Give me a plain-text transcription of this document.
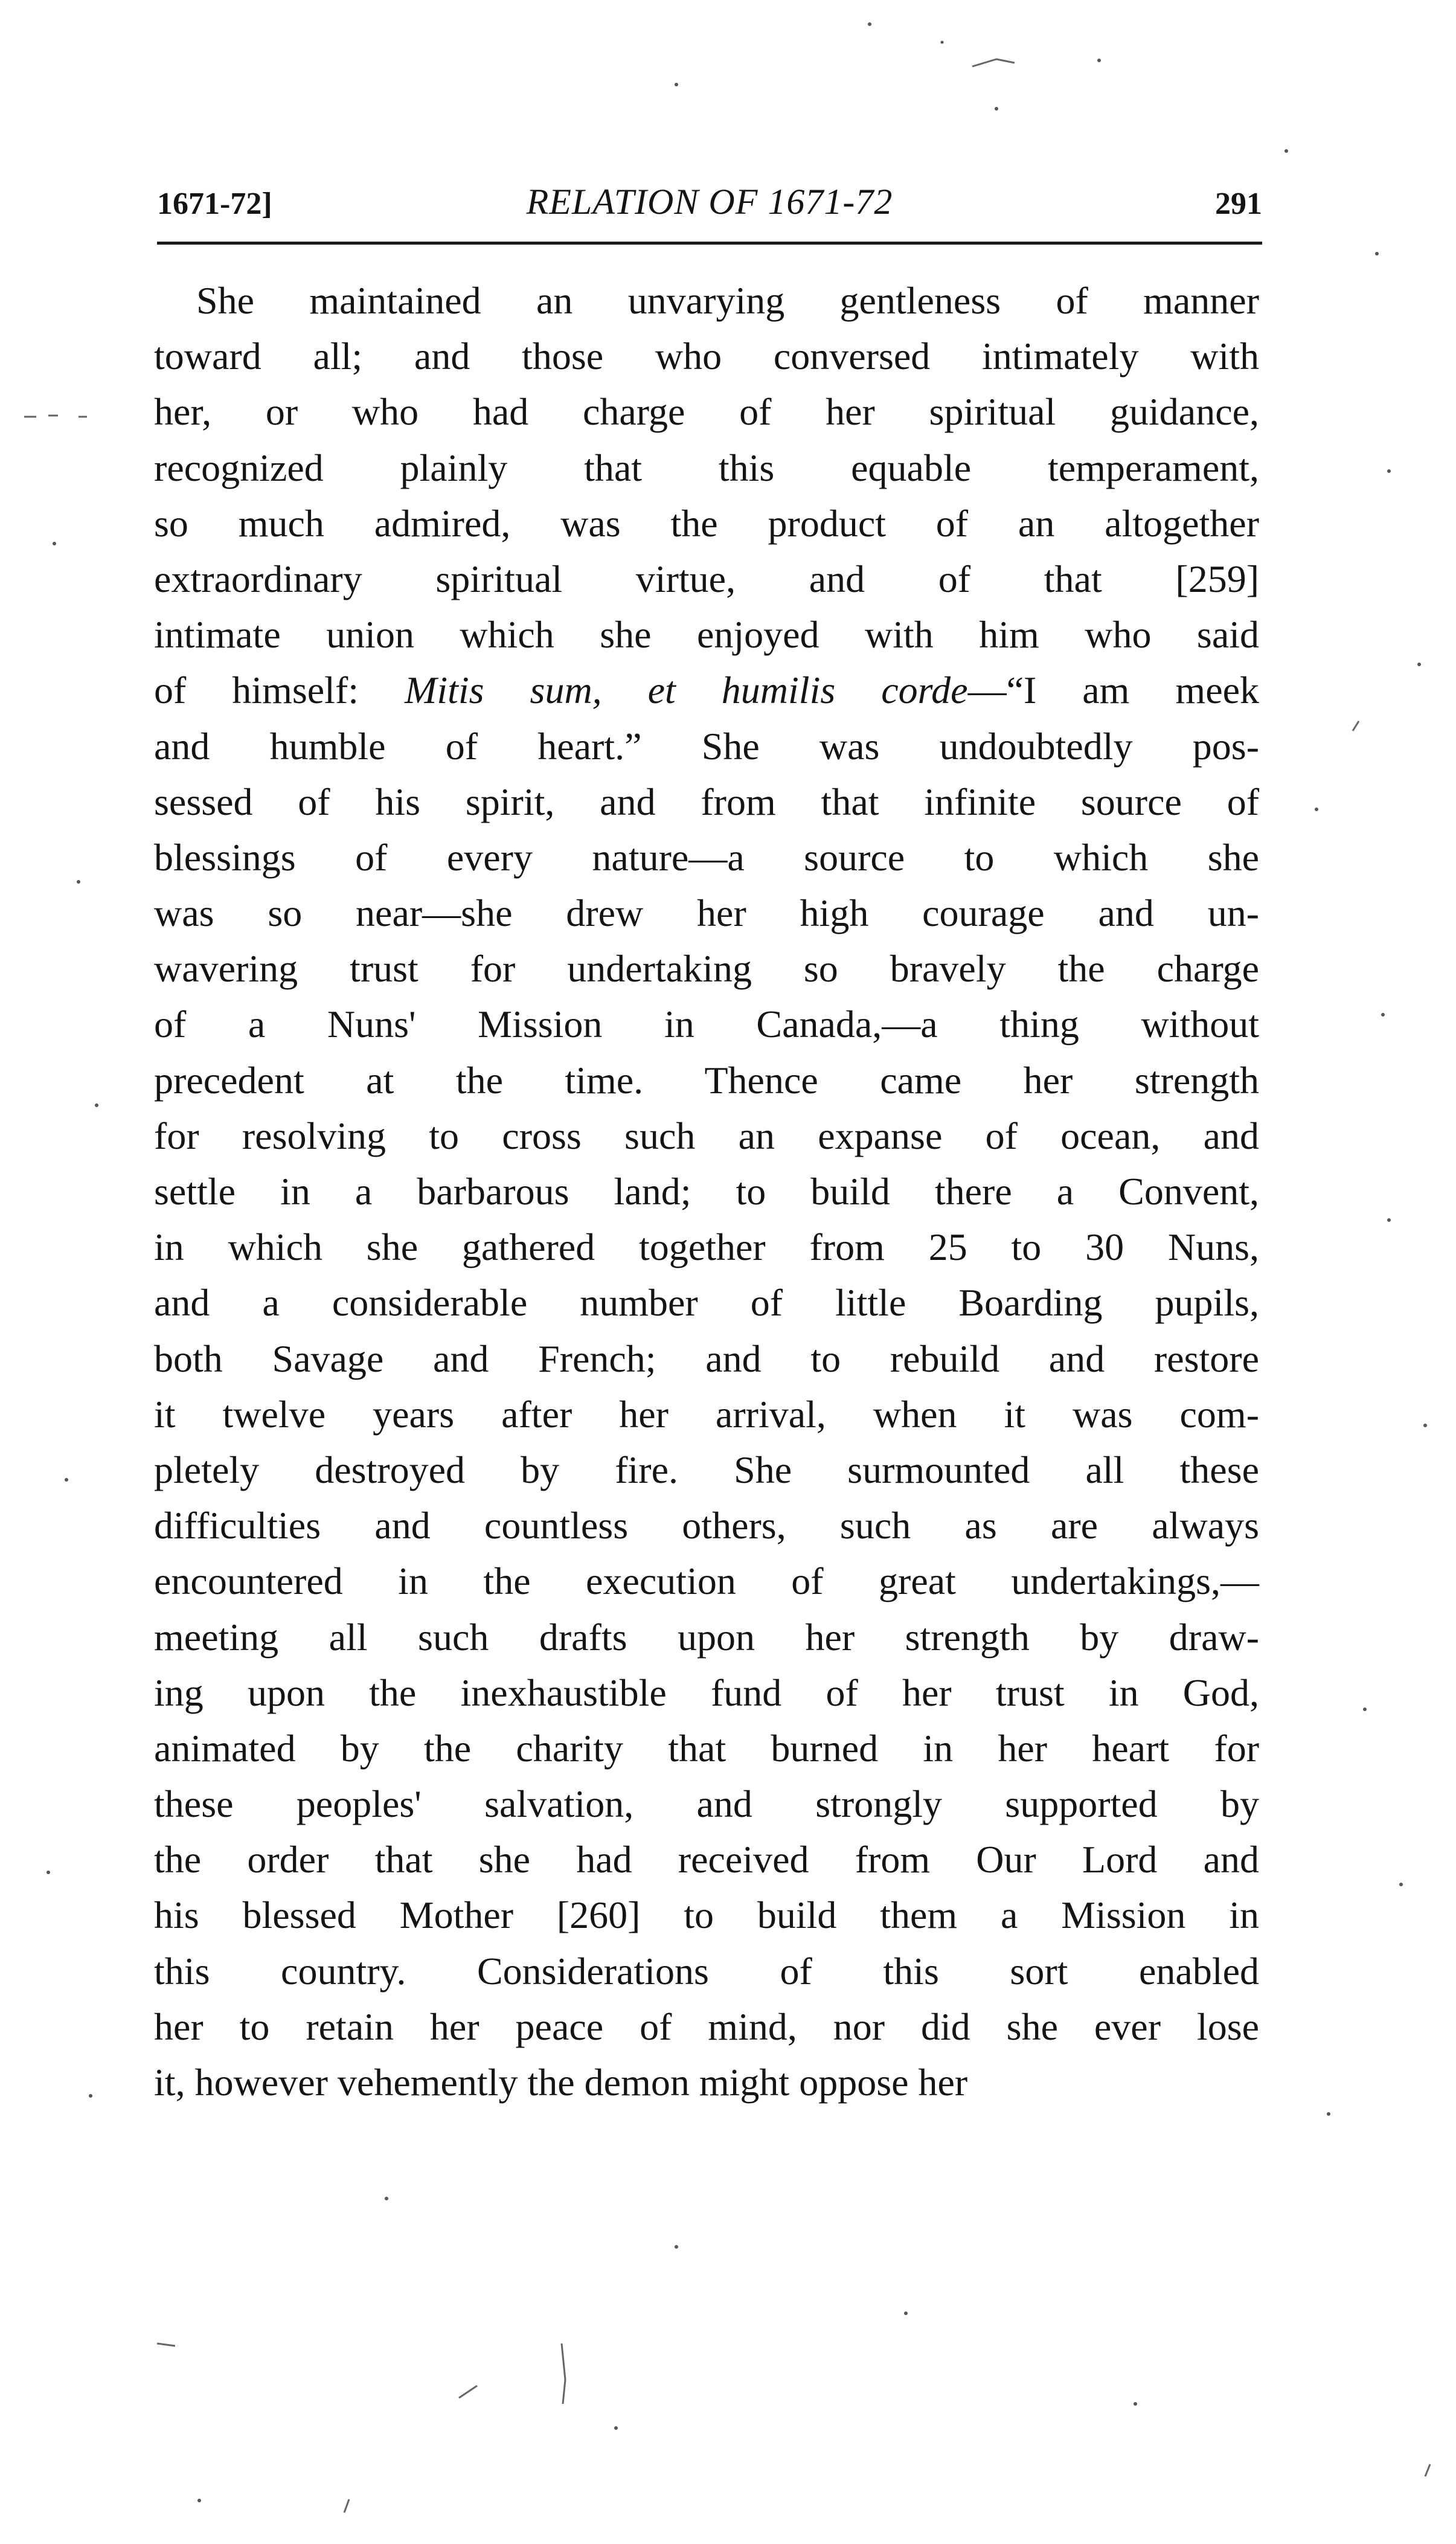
1671-72]	RELATION OF 1671-72	291
She maintained an unvarying gentleness of manner
toward all; and those who conversed intimately with
her, or who had charge of her spiritual guidance,
recognized plainly that this equable temperament,
so much admired, was the product of an altogether
extraordinary spiritual virtue, and of that [259]
intimate union which she enjoyed with him who said
of himself: Mitis sum, et humilis corde—“I am meek
and humble of heart.” She was undoubtedly pos-
sessed of his spirit, and from that infinite source of
blessings of every nature—a source to which she
was so near—she drew her high courage and un-
wavering trust for undertaking so bravely the charge
of a Nuns' Mission in Canada,—a thing without
precedent at the time. Thence came her strength
for resolving to cross such an expanse of ocean, and
settle in a barbarous land; to build there a Convent,
in which she gathered together from 25 to 30 Nuns,
and a considerable number of little Boarding pupils,
both Savage and French; and to rebuild and restore
it twelve years after her arrival, when it was com-
pletely destroyed by fire. She surmounted all these
difficulties and countless others, such as are always
encountered in the execution of great undertakings,—
meeting all such drafts upon her strength by draw-
ing upon the inexhaustible fund of her trust in God,
animated by the charity that burned in her heart for
these peoples' salvation, and strongly supported by
the order that she had received from Our Lord and
his blessed Mother [260] to build them a Mission in
this country. Considerations of this sort enabled
her to retain her peace of mind, nor did she ever lose
it, however vehemently the demon might oppose her
